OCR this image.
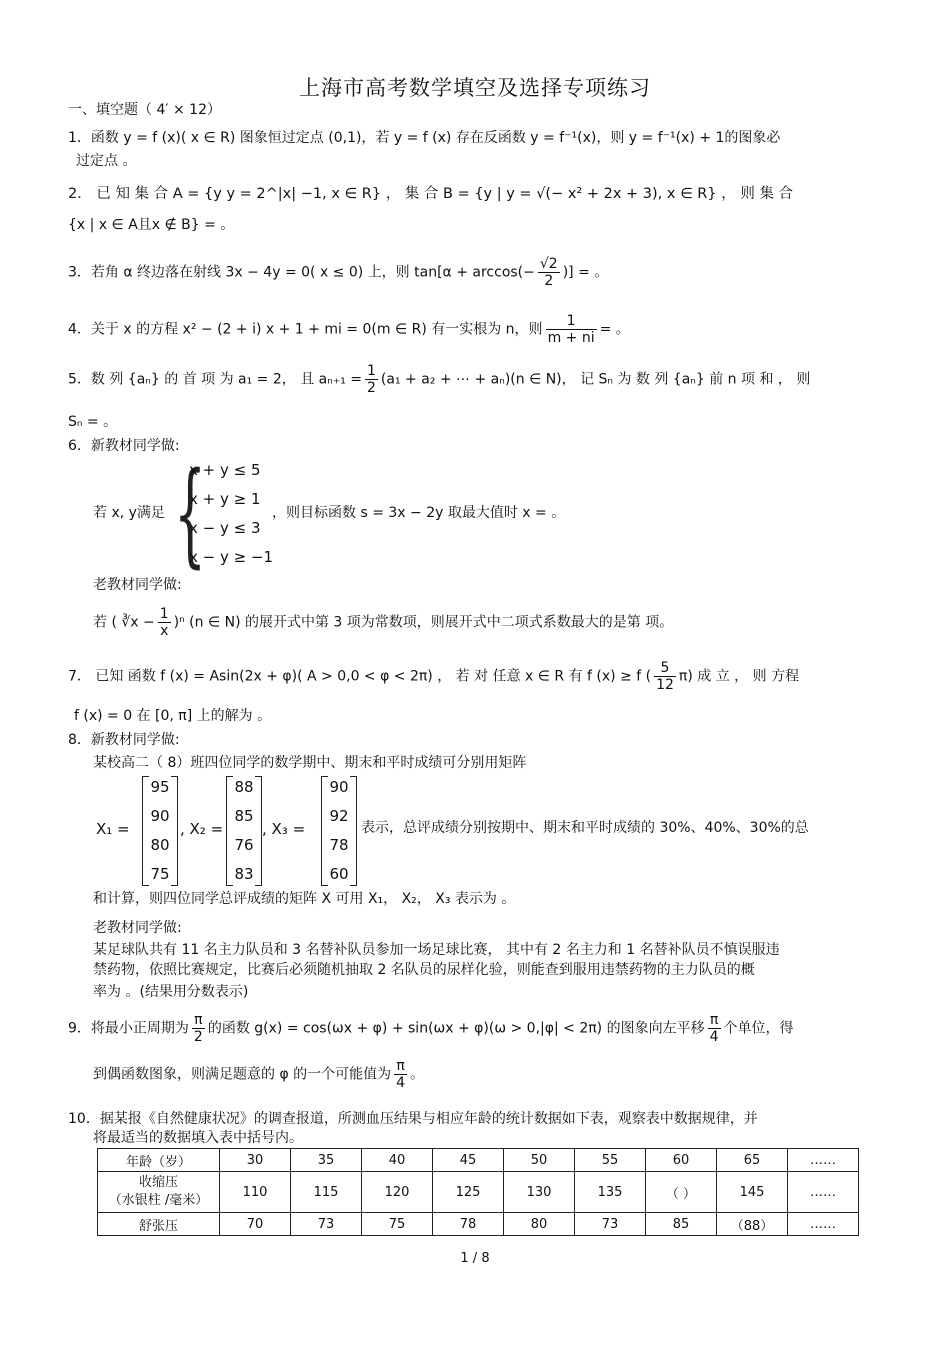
上海市高考数学填空及选择专项练习
一、填空题（ 4′ × 12）
1．函数 y = f (x)( x ∈ R) 图象恒过定点 (0,1)，若 y = f (x) 存在反函数 y = f⁻¹(x)，则 y = f⁻¹(x) + 1的图象必
过定点 。
2． 已 知 集 合 A = {y y = 2^|x| −1, x ∈ R} ， 集 合 B = {y | y = √(− x² + 2x + 3), x ∈ R} ， 则 集 合
{x | x ∈ A且x ∉ B} = 。
3．若角 α 终边落在射线 3x − 4y = 0( x ≤ 0) 上，则 $\tan[\alpha + \arccos(- \frac{√2}{2}$ )] = 。
4．关于 x 的方程 x² − (2 + i) x + 1 + mi = 0(m ∈ R) 有一实根为 n，则 $\frac{1}{m + ni}$ = 。
5．数 列 {aₙ} 的 首 项 为 a₁ = 2， 且 $a_{n+1} = \frac{1}{2} (a_1 + a_2$ + ⋯ + aₙ)(n ∈ N)， 记 Sₙ 为 数 列 {aₙ} 前 n 项 和 ， 则
Sₙ = 。
6．新教材同学做:
若 x, y满足 {
x + y ≤ 5
x + y ≥ 1
x − y ≤ 3
x − y ≥ −1
，则目标函数 s = 3x − 2y 取最大值时 x = 。
老教材同学做:
若 ( ∛x − $\frac{1}{x} )^n$ (n ∈ N) 的展开式中第 3 项为常数项，则展开式中二项式系数最大的是第 项。
7． 已知 函数 f (x) = Asin(2x + φ)( A > 0,0 < φ < 2π) ， 若 对 任意 x ∈ R 有 f (x) ≥ f ( $\frac{5}{12} \pi$) 成 立 ， 则 方程
f (x) = 0 在 [0, π] 上的解为 。
8．新教材同学做:
某校高二（ 8）班四位同学的数学期中、期末和平时成绩可分别用矩阵
X₁ =
95
90
80
75
, X₂ =
88
85
76
83
, X₃ =
90
92
78
60
表示，总评成绩分别按期中、期末和平时成绩的 30%、40%、30%的总
和计算，则四位同学总评成绩的矩阵 X 可用 X₁， X₂， X₃ 表示为 。
老教材同学做:
某足球队共有 11 名主力队员和 3 名替补队员参加一场足球比赛， 其中有 2 名主力和 1 名替补队员不慎误服违
禁药物，依照比赛规定，比赛后必须随机抽取 2 名队员的尿样化验，则能查到服用违禁药物的主力队员的概
率为 。(结果用分数表示)
9．将最小正周期为 $\frac{\pi}{2}$ 的函数 g(x) = cos(ωx + φ) + sin(ωx + φ)(ω > 0,|φ| < 2π) 的图象向左平移 $\frac{\pi}{4}$ 个单位，得
到偶函数图象，则满足题意的 φ 的一个可能值为 $\frac{\pi}{4}$ 。
10．据某报《自然健康状况》的调查报道，所测血压结果与相应年龄的统计数据如下表，观察表中数据规律，并
将最适当的数据填入表中括号内。
年龄（岁）	30	35	40	45	50	55	60	65	……
收缩压
（水银柱 /毫米）	110	115	120	125	130	135	（ ）	145	……
舒张压	70	73	75	78	80	73	85	（88）	……
1 / 8
